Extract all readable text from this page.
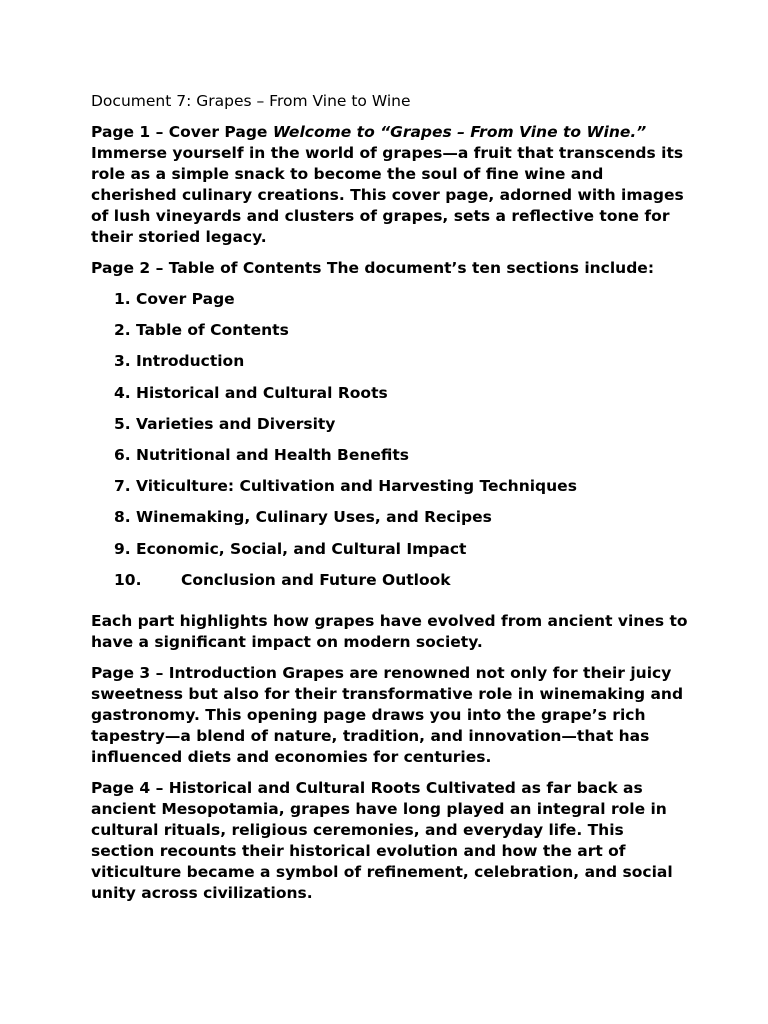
Document 7: Grapes – From Vine to Wine

Page 1 – Cover Page Welcome to “Grapes – From Vine to Wine.” Immerse yourself in the world of grapes—a fruit that transcends its role as a simple snack to become the soul of fine wine and cherished culinary creations. This cover page, adorned with images of lush vineyards and clusters of grapes, sets a reflective tone for their storied legacy.

Page 2 – Table of Contents The document’s ten sections include:

1. Cover Page
2. Table of Contents
3. Introduction
4. Historical and Cultural Roots
5. Varieties and Diversity
6. Nutritional and Health Benefits
7. Viticulture: Cultivation and Harvesting Techniques
8. Winemaking, Culinary Uses, and Recipes
9. Economic, Social, and Cultural Impact
10.	Conclusion and Future Outlook

Each part highlights how grapes have evolved from ancient vines to have a significant impact on modern society.

Page 3 – Introduction Grapes are renowned not only for their juicy sweetness but also for their transformative role in winemaking and gastronomy. This opening page draws you into the grape’s rich tapestry—a blend of nature, tradition, and innovation—that has influenced diets and economies for centuries.

Page 4 – Historical and Cultural Roots Cultivated as far back as ancient Mesopotamia, grapes have long played an integral role in cultural rituals, religious ceremonies, and everyday life. This section recounts their historical evolution and how the art of viticulture became a symbol of refinement, celebration, and social unity across civilizations.
